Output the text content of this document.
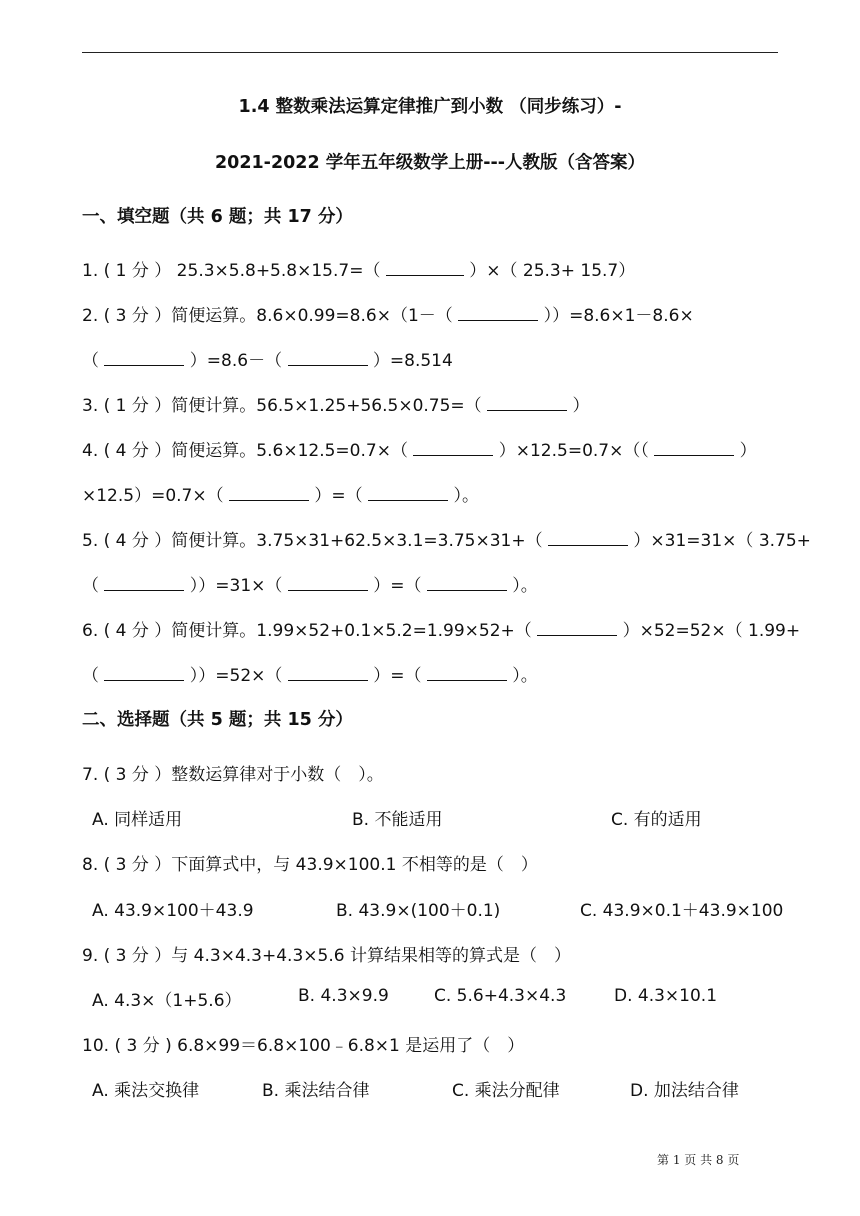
1.4 整数乘法运算定律推广到小数 （同步练习）-
2021-2022 学年五年级数学上册---人教版（含答案）
一、填空题（共 6 题；共 17 分）
1. ( 1 分 ） 25.3×5.8+5.8×15.7=（	）×（ 25.3+ 15.7）
2. ( 3 分 ）简便运算。8.6×0.99=8.6×（1－（	））=8.6×1－8.6×
（	）=8.6－（	）=8.514
3. ( 1 分 ）简便计算。56.5×1.25+56.5×0.75=（	）
4. ( 4 分 ）简便运算。5.6×12.5=0.7×（	）×12.5=0.7×（（	）
×12.5）=0.7×（	）=（	）。
5. ( 4 分 ）简便计算。3.75×31+62.5×3.1=3.75×31+（	）×31=31×（ 3.75+
（	））=31×（	）=（	）。
6. ( 4 分 ）简便计算。1.99×52+0.1×5.2=1.99×52+（	）×52=52×（ 1.99+
（	））=52×（	）=（	）。
二、选择题（共 5 题；共 15 分）
7. ( 3 分 ）整数运算律对于小数（　）。
A. 同样适用	B. 不能适用	C. 有的适用
8. ( 3 分 ）下面算式中，与 43.9×100.1 不相等的是（　）
A. 43.9×100＋43.9	B. 43.9×(100＋0.1)	C. 43.9×0.1＋43.9×100
9. ( 3 分 ）与 4.3×4.3+4.3×5.6 计算结果相等的算式是（　）
A. 4.3×（1+5.6）	B. 4.3×9.9	C. 5.6+4.3×4.3	D. 4.3×10.1
10. ( 3 分 ) 6.8×99＝6.8×100﹣6.8×1 是运用了（　）
A. 乘法交换律	B. 乘法结合律	C. 乘法分配律	D. 加法结合律
第 1 页 共 8 页
